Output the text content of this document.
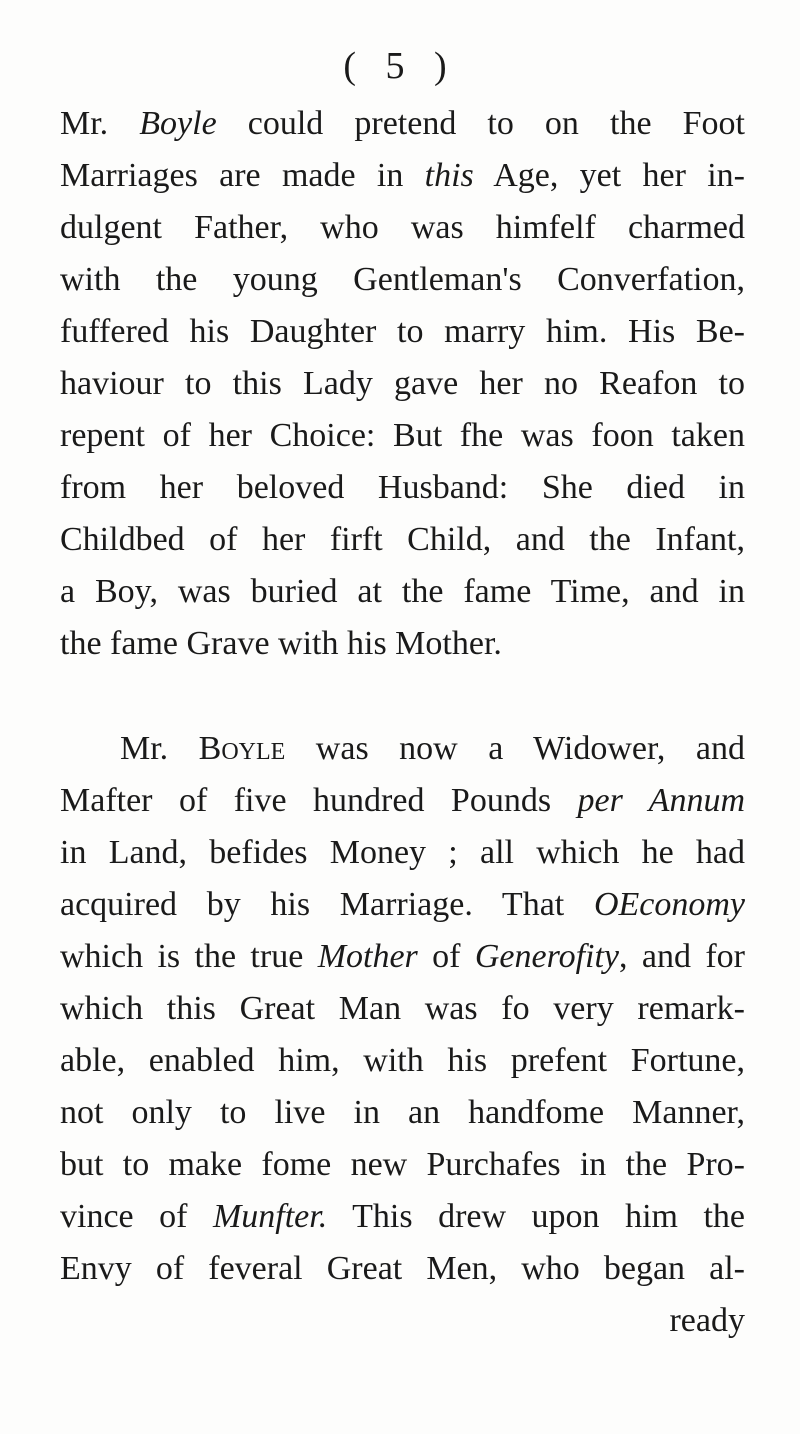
( 5 )
Mr. Boyle could pretend to on the Foot
Marriages are made in this Age, yet her in-
dulgent Father, who was himfelf charmed
with the young Gentleman's Converfation,
fuffered his Daughter to marry him. His Be-
haviour to this Lady gave her no Reafon to
repent of her Choice: But fhe was foon taken
from her beloved Husband: She died in
Childbed of her firft Child, and the Infant,
a Boy, was buried at the fame Time, and in
the fame Grave with his Mother.
Mr. Boyle was now a Widower, and
Mafter of five hundred Pounds per Annum
in Land, befides Money ; all which he had
acquired by his Marriage. That OEconomy
which is the true Mother of Generofity, and for
which this Great Man was fo very remark-
able, enabled him, with his prefent Fortune,
not only to live in an handfome Manner,
but to make fome new Purchafes in the Pro-
vince of Munfter. This drew upon him the
Envy of feveral Great Men, who began al-
ready
